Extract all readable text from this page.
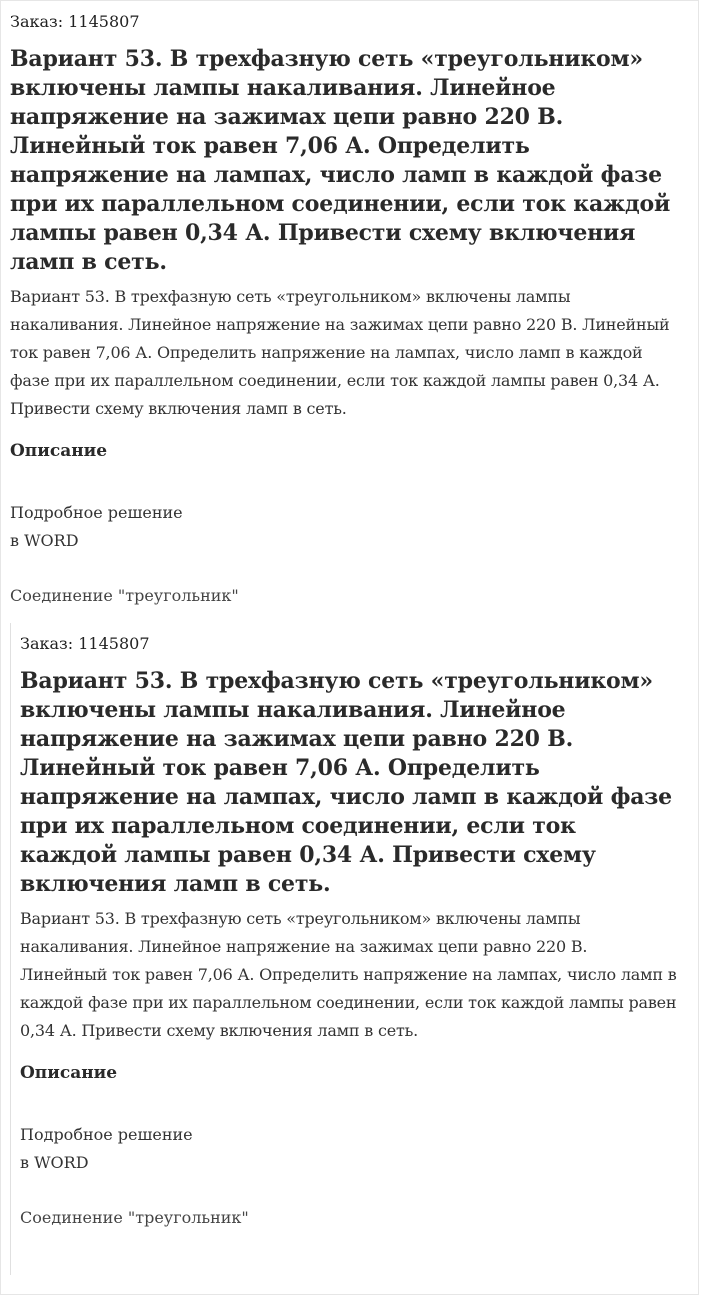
Заказ: 1145807

Вариант 53. В трехфазную сеть «треугольником» включены лампы накаливания. Линейное напряжение на зажимах цепи равно 220 В. Линейный ток равен 7,06 А. Определить напряжение на лампах, число ламп в каждой фазе при их параллельном соединении, если ток каждой лампы равен 0,34 А. Привести схему включения ламп в сеть.

Вариант 53. В трехфазную сеть «треугольником» включены лампы накаливания. Линейное напряжение на зажимах цепи равно 220 В. Линейный ток равен 7,06 А. Определить напряжение на лампах, число ламп в каждой фазе при их параллельном соединении, если ток каждой лампы равен 0,34 А. Привести схему включения ламп в сеть.

Описание

Подробное решение

в WORD

Соединение "треугольник"

Заказ: 1145807

Вариант 53. В трехфазную сеть «треугольником» включены лампы накаливания. Линейное напряжение на зажимах цепи равно 220 В. Линейный ток равен 7,06 А. Определить напряжение на лампах, число ламп в каждой фазе при их параллельном соединении, если ток каждой лампы равен 0,34 А. Привести схему включения ламп в сеть.

Вариант 53. В трехфазную сеть «треугольником» включены лампы накаливания. Линейное напряжение на зажимах цепи равно 220 В. Линейный ток равен 7,06 А. Определить напряжение на лампах, число ламп в каждой фазе при их параллельном соединении, если ток каждой лампы равен 0,34 А. Привести схему включения ламп в сеть.

Описание

Подробное решение

в WORD

Соединение "треугольник"
